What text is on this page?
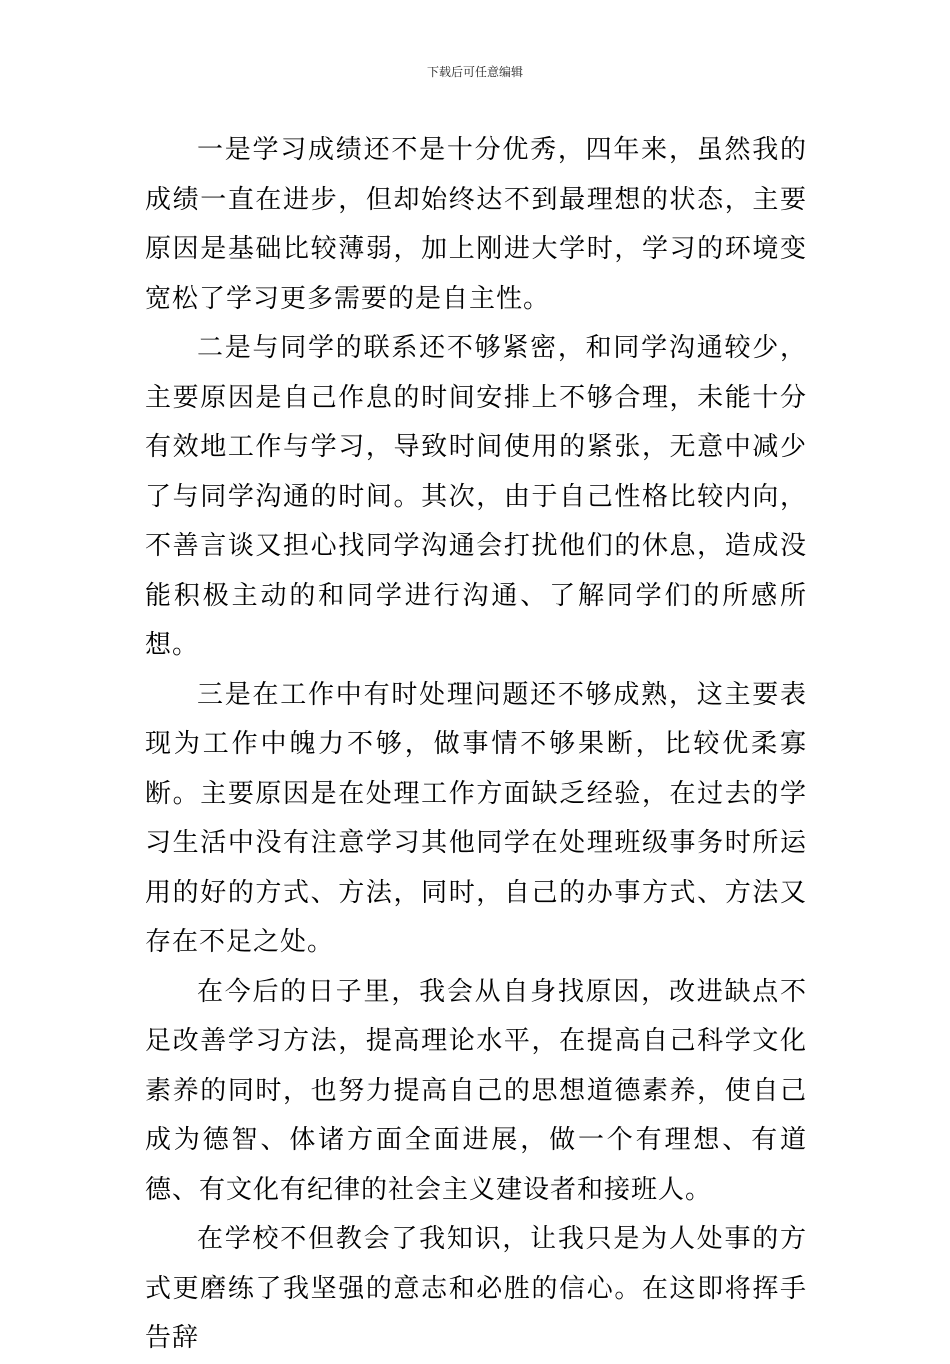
下载后可任意编辑

一是学习成绩还不是十分优秀，四年来，虽然我的成绩一直在进步，但却始终达不到最理想的状态，主要原因是基础比较薄弱，加上刚进大学时，学习的环境变宽松了学习更多需要的是自主性。

二是与同学的联系还不够紧密，和同学沟通较少，主要原因是自己作息的时间安排上不够合理，未能十分有效地工作与学习，导致时间使用的紧张，无意中减少了与同学沟通的时间。其次，由于自己性格比较内向，不善言谈又担心找同学沟通会打扰他们的休息，造成没能积极主动的和同学进行沟通、了解同学们的所感所想。

三是在工作中有时处理问题还不够成熟，这主要表现为工作中魄力不够，做事情不够果断，比较优柔寡断。主要原因是在处理工作方面缺乏经验，在过去的学习生活中没有注意学习其他同学在处理班级事务时所运用的好的方式、方法，同时，自己的办事方式、方法又存在不足之处。

在今后的日子里，我会从自身找原因，改进缺点不足改善学习方法，提高理论水平，在提高自己科学文化素养的同时，也努力提高自己的思想道德素养，使自己成为德智、体诸方面全面进展，做一个有理想、有道德、有文化有纪律的社会主义建设者和接班人。

在学校不但教会了我知识，让我只是为人处事的方式更磨练了我坚强的意志和必胜的信心。在这即将挥手告辞
